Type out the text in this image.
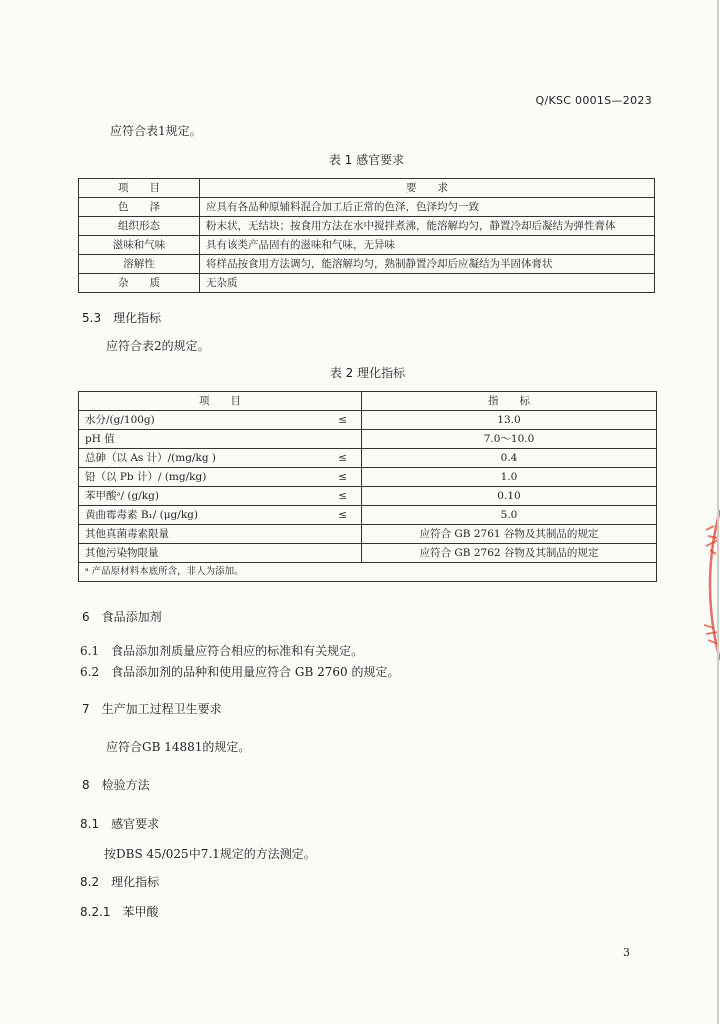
Q/KSC 0001S—2023
应符合表1规定。
表 1 感官要求
项　　目	要　　求
色　　泽	应具有各品种原辅料混合加工后正常的色泽，色泽均匀一致
组织形态	粉末状，无结块；按食用方法在水中搅拌煮沸，能溶解均匀，静置冷却后凝结为弹性膏体
滋味和气味	具有该类产品固有的滋味和气味，无异味
溶解性	将样品按食用方法调匀，能溶解均匀，熟制静置冷却后应凝结为半固体膏状
杂　　质	无杂质
5.3　理化指标
应符合表2的规定。
表 2 理化指标
项　　目	指　　标
水分/(g/100g) ≤	13.0
pH 值	7.0～10.0
总砷（以 As 计）/(mg/kg ) ≤	0.4
铅（以 Pb 计）/ (mg/kg) ≤	1.0
苯甲酸ᵃ/ (g/kg) ≤	0.10
黄曲霉毒素 B₁/ (μg/kg) ≤	5.0
其他真菌毒素限量	应符合 GB 2761 谷物及其制品的规定
其他污染物限量	应符合 GB 2762 谷物及其制品的规定
ᵃ 产品原材料本底所含，非人为添加。	
6　食品添加剂
6.1　食品添加剂质量应符合相应的标准和有关规定。
6.2　食品添加剂的品种和使用量应符合 GB 2760 的规定。
7　生产加工过程卫生要求
应符合GB 14881的规定。
8　检验方法
8.1　感官要求
按DBS 45/025中7.1规定的方法测定。
8.2　理化指标
8.2.1　苯甲酸
3
